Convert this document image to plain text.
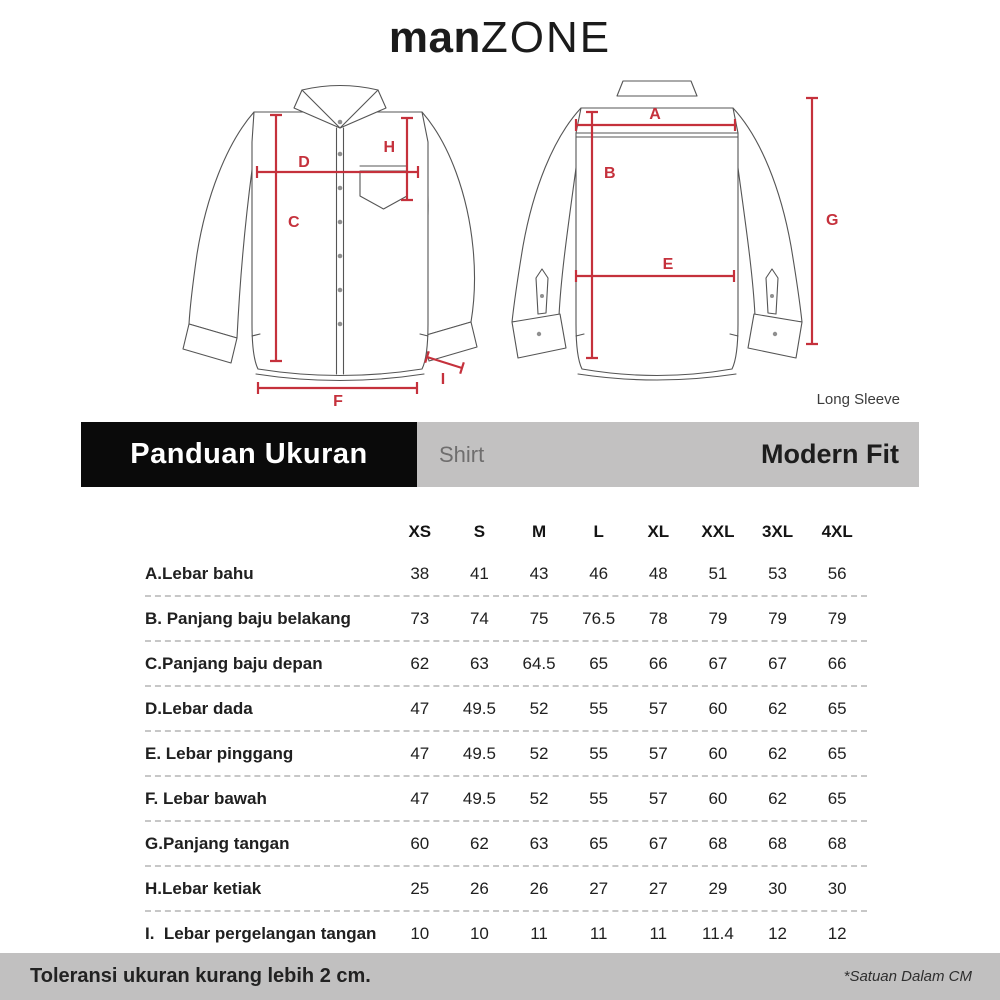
manZONE
D
H
C
F
I
A
B
E
G
Long Sleeve
Panduan Ukuran	Shirt	Modern Fit
XS	S	M	L	XL	XXL	3XL	4XL
A.Lebar bahu	38	41	43	46	48	51	53	56
B. Panjang baju belakang	73	74	75	76.5	78	79	79	79
C.Panjang baju depan	62	63	64.5	65	66	67	67	66
D.Lebar dada	47	49.5	52	55	57	60	62	65
E. Lebar pinggang	47	49.5	52	55	57	60	62	65
F. Lebar bawah	47	49.5	52	55	57	60	62	65
G.Panjang tangan	60	62	63	65	67	68	68	68
H.Lebar ketiak	25	26	26	27	27	29	30	30
I.  Lebar pergelangan tangan	10	10	11	11	11	11.4	12	12
Toleransi ukuran kurang lebih 2 cm.	*Satuan Dalam CM
